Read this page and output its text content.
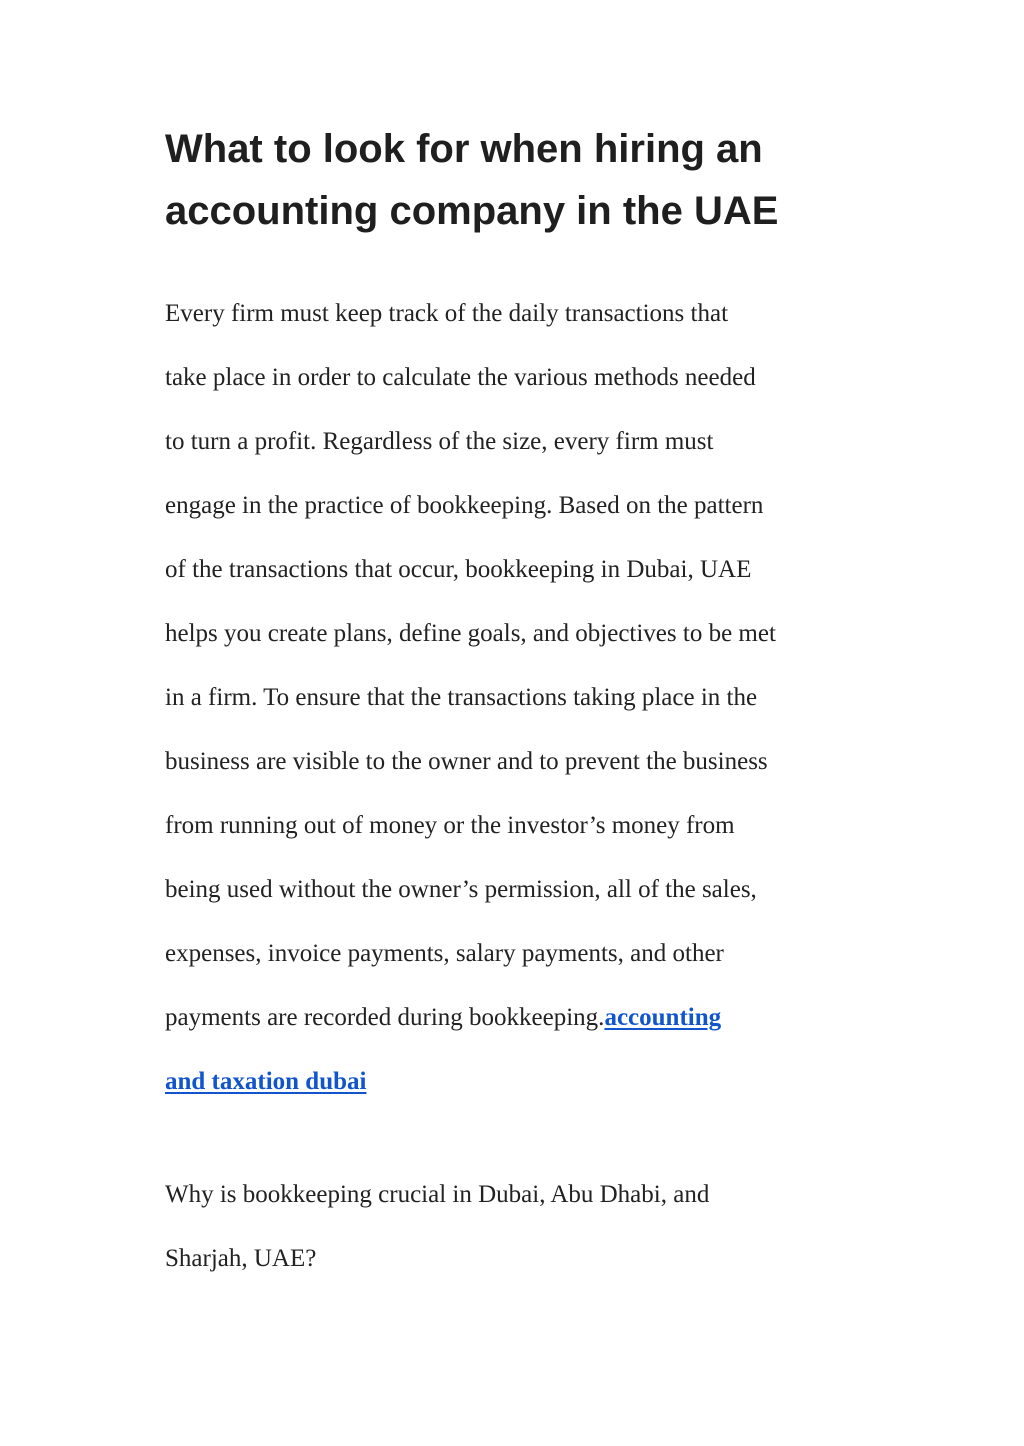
What to look for when hiring an
accounting company in the UAE
Every firm must keep track of the daily transactions that
take place in order to calculate the various methods needed
to turn a profit. Regardless of the size, every firm must
engage in the practice of bookkeeping. Based on the pattern
of the transactions that occur, bookkeeping in Dubai, UAE
helps you create plans, define goals, and objectives to be met
in a firm. To ensure that the transactions taking place in the
business are visible to the owner and to prevent the business
from running out of money or the investor’s money from
being used without the owner’s permission, all of the sales,
expenses, invoice payments, salary payments, and other
payments are recorded during bookkeeping.accounting
and taxation dubai
Why is bookkeeping crucial in Dubai, Abu Dhabi, and
Sharjah, UAE?
